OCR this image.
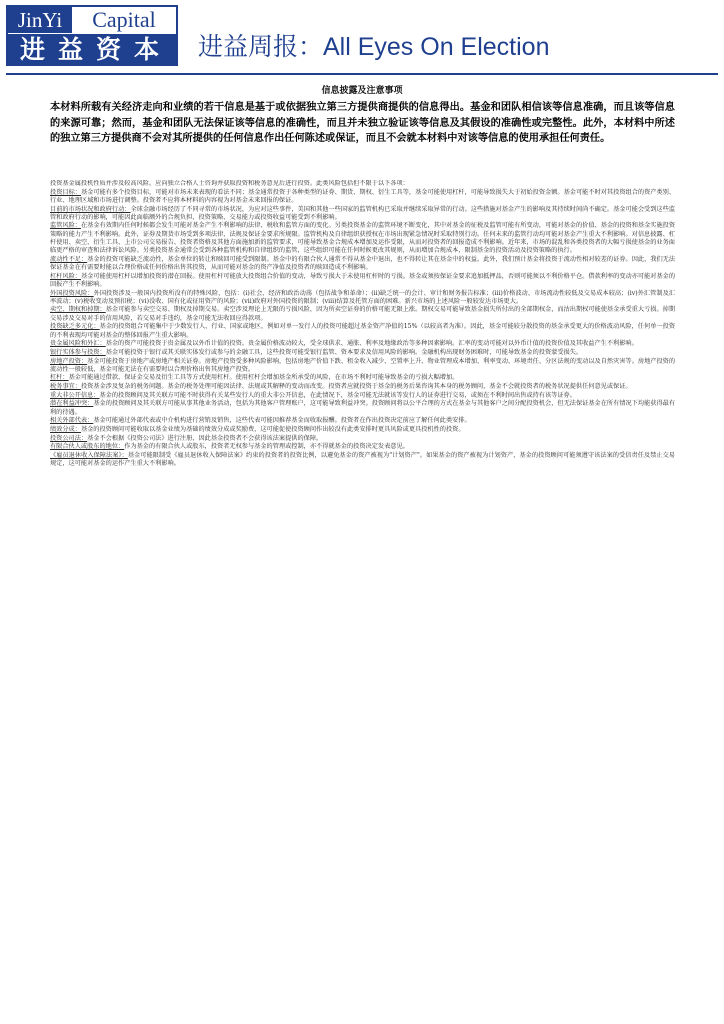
JinYi	Capital
进益资本 进益周报：All Eyes On Election
信息披露及注意事项
本材料所载有关经济走向和业绩的若干信息是基于或依据独立第三方提供商提供的信息得出。基金和团队相信该等信息准确，而且该等信息的来源可靠；然而，基金和团队无法保证该等信息的准确性，而且并未独立验证该等信息及其假设的准确性或完整性。此外，本材料中所述的独立第三方提供商不会对其所提供的任何信息作出任何陈述或保证，而且不会就本材料中对该等信息的使用承担任何责任。

投资基金属投机性质并涉及较高风险。应向独立合格人士咨询并获取投资和税务意见后进行投资。此类风险包括但不限于以下各项：

投资目标：基金可能有多个投资目标，可能对市场未来表现的看法不同；基金通常投资于各种类型的证券、期货、期权、衍生工具等，基金可能使用杠杆，可能导致损失大于初始投资金额。基金可能不时对其投资组合的资产类别、行业、地理区域和市场进行调整。投资者不应将本材料的内容视为对基金未来回报的保证。

目前的市场状况和政府行动：全球金融市场经历了不同寻常的市场状况，为应对这些事件，美国和其他一些国家的监管机构已采取并继续采取异常的行动。这些措施对基金产生的影响及其持续时间尚不确定。基金可能会受到这些监管和政府行动的影响，可能因此面临额外的合规负担，投资策略、交易能力或投资收益可能受到不利影响。

监管风险：在基金有效期内任何时候都会发生可能对基金产生不利影响的法律、税收和监管方面的变化。另类投资基金的监管环境不断变化，其中对基金的征税及监管可能有所变动，可能对基金的价值、基金的投资和基金实施投资策略的能力产生不利影响。此外，证券及期货市场受到多项法律、法规及保证金要求所规限。监管机构及自律组织获授权在市场出现紧急情况时采取特别行动。任何未来的监管行动均可能对基金产生重大不利影响。对信息披露、杠杆使用、卖空、衍生工具、上市公司交易报告、投资者资格及其他方面施加新的监管要求，可能导致基金合规成本增加及运作受限，从而对投资者的回报造成不利影响。近年来，市场的混乱和各类投资者的大幅亏损使基金的业务面临更严格的审查和法律诉讼风险。另类投资基金通常会受到各种监管机构和自律组织的监管，这些组织可能在任何时候更改其规则，从而增加合规成本，限制基金的投资活动及投资策略的执行。

流动性不足：基金的投资可能缺乏流动性，基金单位的转让和赎回可能受到限制。基金中的有限合伙人通常不得从基金中退出，也不得转让其在基金中的权益。此外，我们预计基金将投资于流动性相对较差的证券。因此，我们无法保证基金在有需要时能以合理价格或任何价格出售其投资，从而可能对基金的资产净值及投资者的赎回造成不利影响。

杠杆风险：基金可能使用杠杆以增加投资的潜在回报。使用杠杆可能放大投资组合价值的变动，导致亏损大于未使用杠杆时的亏损。基金或须按保证金要求追加抵押品，否则可能须以不利价格平仓。借款利率的变动亦可能对基金的回报产生不利影响。

外国投资风险：外国投资涉及一般国内投资所没有的特殊风险，包括：(i)社会、经济和政治动荡（包括战争和革命）；(ii)缺乏统一的会计、审计和财务报告标准；(iii)价格波动、市场流动性较低及交易成本较高；(iv)外汇管制及汇率波动；(v)税收变动及预扣税；(vi)没收、国有化或征用资产的风险；(vii)政府对外国投资的限制；(viii)结算及托管方面的困难。新兴市场的上述风险一般较发达市场更大。

卖空、期权和掉期：基金可能参与卖空交易、期权及掉期交易。卖空涉及理论上无限的亏损风险，因为所卖空证券的价格可能无限上涨。期权交易可能导致基金损失所付出的全部期权金，而沽出期权可能使基金承受重大亏损。掉期交易涉及交易对手的信用风险，若交易对手违约，基金可能无法收回应得款项。

投资缺乏多元化：基金的投资组合可能集中于少数发行人、行业、国家或地区，例如对单一发行人的投资可能超过基金资产净值的15%（以较高者为准）。因此，基金可能较分散投资的基金承受更大的价格波动风险，任何单一投资的不利表现均可能对基金的整体回报产生重大影响。

贵金属风险和外汇：基金的资产可能投资于贵金属及以外币计值的投资。贵金属价格波动较大，受全球供求、通胀、利率及地缘政治等多种因素影响。汇率的变动可能对以外币计值的投资价值及其收益产生不利影响。

银行实体参与投资：基金可能投资于银行或其关联实体发行或参与的金融工具，这些投资可能受银行监管、资本要求及信用风险的影响。金融机构出现财务困难时，可能导致基金的投资蒙受损失。

房地产投资：基金可能投资于房地产或房地产相关证券。房地产投资受多种风险影响，包括房地产价值下跌、租金收入减少、空置率上升、物业管理成本增加、利率变动、环境责任、分区法规的变动以及自然灾害等。房地产投资的流动性一般较低，基金可能无法在有需要时以合理价格出售其房地产投资。

杠杆：基金可能通过借款、保证金交易及衍生工具等方式使用杠杆。使用杠杆会增加基金所承受的风险，在市场不利时可能导致基金的亏损大幅增加。

税务事宜：投资基金涉及复杂的税务问题。基金的税务处理可能因法律、法规或其解释的变动而改变。投资者应就投资于基金的税务后果咨询其本身的税务顾问，基金不会就投资者的税务状况提供任何意见或保证。

重大非公开信息：基金的投资顾问及其关联方可能不时获得有关某些发行人的重大非公开信息，在此情况下，基金可能无法就该等发行人的证券进行交易，或须在不利时间出售或持有该等证券。

潜在利益冲突：基金的投资顾问及其关联方可能从事其他业务活动，包括为其他客户管理账户，这可能导致利益冲突。投资顾问将以公平合理的方式在基金与其他客户之间分配投资机会，但无法保证基金在所有情况下均能获得最有利的待遇。

相关外部代表：基金可能通过外部代表或中介机构进行营销及销售，这些代表可能因推荐基金而收取报酬。投资者在作出投资决定前应了解任何此类安排。

绩效分成：基金的投资顾问可能收取以基金业绩为基础的绩效分成或奖励费，这可能促使投资顾问作出较没有此类安排时更具风险或更具投机性的投资。

投资公司法：基金不会根据《投资公司法》进行注册，因此基金投资者不会获得该法案提供的保障。

有限合伙人或股东的地位：作为基金的有限合伙人或股东，投资者无权参与基金的管理或控制，亦不得就基金的投资决定发表意见。

《雇员退休收入保障法案》：基金可能限制受《雇员退休收入保障法案》约束的投资者的投资比例，以避免基金的资产被视为"计划资产"。如果基金的资产被视为计划资产，基金的投资顾问可能须遵守该法案的受信责任及禁止交易规定，这可能对基金的运作产生重大不利影响。
